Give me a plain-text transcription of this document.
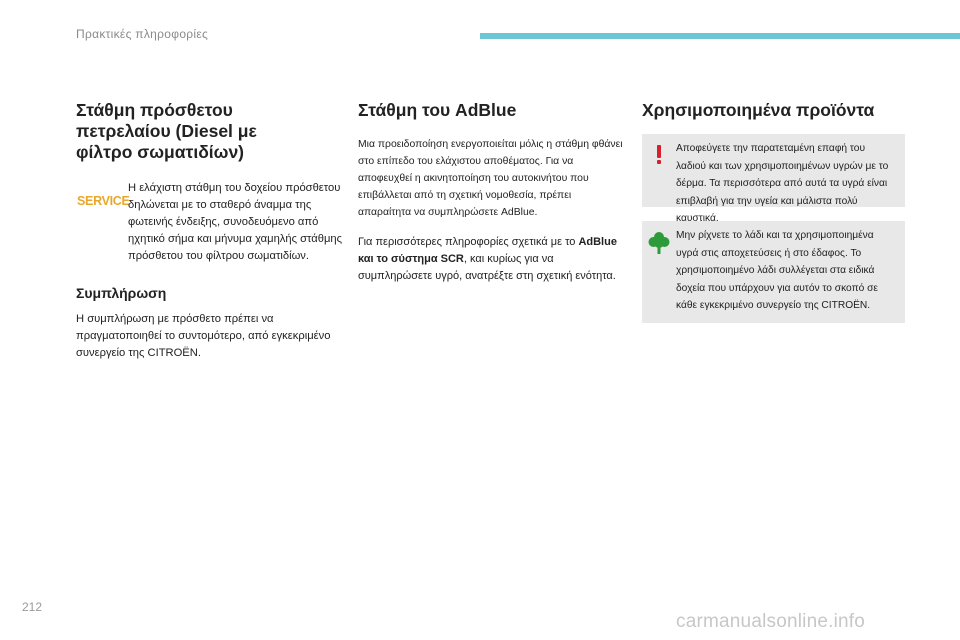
Πρακτικές πληροφορίες
Στάθμη πρόσθετου
πετρελαίου (Diesel με
φίλτρο σωματιδίων)
SERVICE
Η ελάχιστη στάθμη του δοχείου πρόσθετου δηλώνεται με το σταθερό άναμμα της φωτεινής ένδειξης, συνοδευόμενο από ηχητικό σήμα και μήνυμα χαμηλής στάθμης πρόσθετου του φίλτρου σωματιδίων.
Συμπλήρωση

Η συμπλήρωση με πρόσθετο πρέπει να πραγματοποιηθεί το συντομότερο, από εγκεκριμένο συνεργείο της CITROËN.

Στάθμη του AdBlue

Μια προειδοποίηση ενεργοποιείται μόλις η στάθμη φθάνει στο επίπεδο του ελάχιστου αποθέματος. Για να αποφευχθεί η ακινητοποίηση του αυτοκινήτου που επιβάλλεται από τη σχετική νομοθεσία, πρέπει απαραίτητα να συμπληρώσετε AdBlue.

Για περισσότερες πληροφορίες σχετικά με το AdBlue και το σύστημα SCR, και κυρίως για να συμπληρώσετε υγρό, ανατρέξτε στη σχετική ενότητα.

Χρησιμοποιημένα προϊόντα
Αποφεύγετε την παρατεταμένη επαφή του λαδιού και των χρησιμοποιημένων υγρών με το δέρμα. Τα περισσότερα από αυτά τα υγρά είναι επιβλαβή για την υγεία και μάλιστα πολύ καυστικά.
Μην ρίχνετε το λάδι και τα χρησιμοποιημένα υγρά στις αποχετεύσεις ή στο έδαφος. Το χρησιμοποιημένο λάδι συλλέγεται στα ειδικά δοχεία που υπάρχουν για αυτόν το σκοπό σε κάθε εγκεκριμένο συνεργείο της CITROËN.
212
carmanualsonline.info
